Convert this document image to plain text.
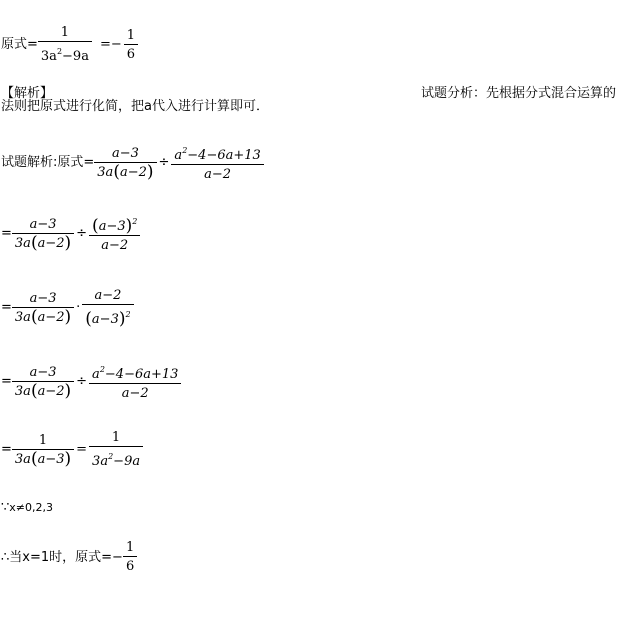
原式= $\frac{1}{3a^2-9a} =- \frac{1}{6}$
【解析】	试题分析：先根据分式混合运算的
法则把原式进行化简，把a代入进行计算即可．
试题解析:原式= $\frac{a-3}{3a(a-2)} \div \frac{a^2-4-6a+13}{a-2}$
= $\frac{a-3}{3a(a-2)} \div \frac{(a-3)^2}{a-2}$
= $\frac{a-3}{3a(a-2)} \cdot \frac{a-2}{(a-3)^2}$
= $\frac{a-3}{3a(a-2)} \div \frac{a^2-4-6a+13}{a-2}$
= $\frac{1}{3a(a-3)} = \frac{1}{3a^2-9a}$
∵x≠0,2,3
∴ 当x=1时，原式=− $\frac{1}{6}$
